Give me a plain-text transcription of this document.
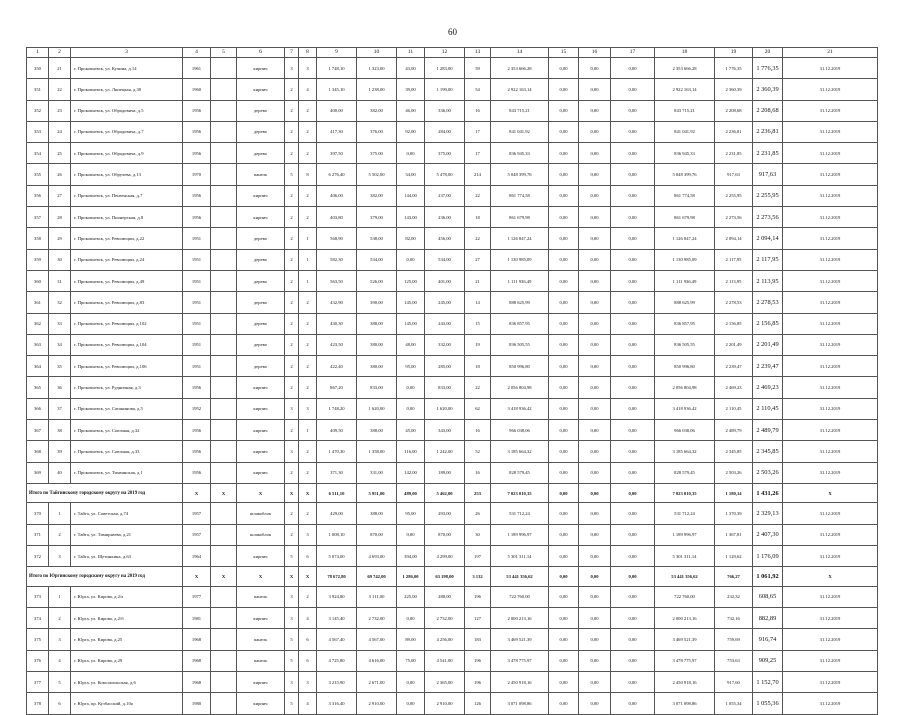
60
1	2	3	4	5	6	7	8	9	10	11	12	13	14	15	16	17	18	19	20	21
350	21	г. Прокопьевск, ул. Кучина, д.14	1961		кирпич	3	3	1 748,10	1 323,00	43,00	1 283,00	59	2 353 666,28	0,00	0,00	0,00	2 353 666,28	1 776,35	1 776,35	31.12.2019
351	22	г. Прокопьевск, ул. Липецкая, д.30	1960		кирпич	2	4	1 345,10	1 238,00	39,00	1 199,00	54	2 922 163,14	0,00	0,00	0,00	2 922 163,14	2 360,39	2 360,39	31.12.2019
352	23	г. Прокопьевск, ул. Обрадовича, д.5	1956		дерево	2	2	400,00	382,00	46,00	336,00	16	843 715,21	0,00	0,00	0,00	843 715,21	2 208,68	2 208,68	31.12.2019
353	24	г. Прокопьевск, ул. Обрадовича, д.7	1956		дерево	2	2	417,30	376,00	92,00	284,00	17	841 041,92	0,00	0,00	0,00	841 041,92	2 236,81	2 236,81	31.12.2019
354	25	г. Прокопьевск, ул. Обрадовича, д.9	1956		дерево	2	2	397,50	375,00	0,00	375,00	17	836 945,33	0,00	0,00	0,00	836 945,33	2 231,85	2 231,85	31.12.2019
355	26	г. Прокопьевск, ул. Обручева, д.13	1970		панель	5	8	6 276,40	5 502,00	34,00	5 478,00	214	5 048 399,76	0,00	0,00	0,00	5 048 399,76	917,63	917,63	31.12.2019
356	27	г. Прокопьевск, ул. Пензенская, д.7	1956		кирпич	2	2	406,00	382,00	144,00	237,00	22	861 774,58	0,00	0,00	0,00	861 774,58	2 255,95	2 255,95	31.12.2019
357	28	г. Прокопьевск, ул. Пионерская, д.8	1956		кирпич	2	2	403,80	379,00	143,00	236,00	18	861 679,98	0,00	0,00	0,00	861 679,98	2 273,56	2 273,56	31.12.2019
358	29	г. Прокопьевск, ул. Революции, д.22	1951		дерево	2	1	568,90	538,00	82,00	456,00	22	1 126 847,24	0,00	0,00	0,00	1 126 847,24	2 094,14	2 094,14	31.12.2019
359	30	г. Прокопьевск, ул. Революции, д.24	1951		дерево	2	1	582,30	534,00	0,00	534,00	27	1 130 985,09	0,00	0,00	0,00	1 130 985,09	2 117,95	2 117,95	31.12.2019
360	31	г. Прокопьевск, ул. Революции, д.49	1951		дерево	2	1	563,50	526,00	125,00	401,00	21	1 111 936,49	0,00	0,00	0,00	1 111 936,49	2 113,95	2 113,95	31.12.2019
361	32	г. Прокопьевск, ул. Революции, д.83	1951		дерево	2	2	432,90	390,00	145,00	245,00	14	888 625,99	0,00	0,00	0,00	888 625,99	2 278,53	2 278,53	31.12.2019
362	33	г. Прокопьевск, ул. Революции, д.102	1951		дерево	2	2	430,30	388,00	145,00	243,00	15	836 857,95	0,00	0,00	0,00	836 857,95	2 156,85	2 156,85	31.12.2019
363	34	г. Прокопьевск, ул. Революции, д.104	1951		дерево	2	2	423,50	380,00	48,00	332,00	19	836 505,55	0,00	0,00	0,00	836 505,55	2 201,49	2 201,49	31.12.2019
364	35	г. Прокопьевск, ул. Революции, д.106	1951		дерево	2	2	422,40	380,00	95,00	285,00	18	850 996,80	0,00	0,00	0,00	850 996,80	2 239,47	2 239,47	31.12.2019
365	36	г. Прокопьевск, ул. Рудничная, д.3	1956		кирпич	2	2	867,20	833,00	0,00	833,00	22	2 056 804,98	0,00	0,00	0,00	2 056 804,98	2 469,23	2 469,23	31.12.2019
366	37	г. Прокопьевск, ул. Сатанинова, д.5	1952		кирпич	3	3	1 748,20	1 620,00	0,00	1 620,00	62	3 418 936,42	0,00	0,00	0,00	3 418 936,42	2 110,45	2 110,45	31.12.2019
367	38	г. Прокопьевск, ул. Союзная, д.32	1956		кирпич	2	1	409,50	388,00	45,00	343,00	16	966 038,06	0,00	0,00	0,00	966 038,06	2 489,79	2 489,79	31.12.2019
368	39	г. Прокопьевск, ул. Союзная, д.33	1956		кирпич	3	2	1 470,30	1 358,00	116,00	1 242,00	52	3 185 664,32	0,00	0,00	0,00	3 185 664,32	2 345,85	2 345,85	31.12.2019
369	40	г. Прокопьевск, ул. Тихвинская, д.1	1956		кирпич	2	2	371,30	331,00	142,00	189,00	16	828 579,45	0,00	0,00	0,00	828 579,45	2 503,26	2 503,26	31.12.2019
Итого по Тайгинскому городскому округу на 2019 год			X	X	X	X	X	6 511,10	5 951,00	489,00	5 462,00	253	7 023 010,35	0,00	0,00	0,00	7 023 010,35	1 180,14	1 431,26	X
370	1	г. Тайга, ул. Советская, д.74	1957		шлакоблок	2	2	429,00	388,00	95,00	293,00	26	531 712,24	0,00	0,00	0,00	531 712,24	1 370,39	2 329,13	31.12.2019
371	2	г. Тайга, ул. Тимирязева, д.21	1957		шлакоблок	2	3	1 008,10	870,00	0,00	870,00	30	1 189 996,97	0,00	0,00	0,00	1 189 996,97	1 367,81	2 407,30	31.12.2019
372	3	г. Тайга, ул. Щетинкина, д.63	1964		кирпич	5	6	5 074,00	4 693,00	394,00	4 299,00	197	5 301 311,14	0,00	0,00	0,00	5 301 311,14	1 129,62	1 176,09	31.12.2019
Итого по Юргинскому городскому округу на 2019 год			X	X	X	X	X	78 672,80	69 742,00	1 286,00	63 198,00	3 132	53 441 356,62	0,00	0,00	0,00	53 441 356,62	766,27	1 061,92	X
373	1	г. Юрга, ул. Кирова, д.2/а	1977		панель	3	2	3 924,80	3 111,00	225,00	288,00	196	722 760,00	0,00	0,00	0,00	722 760,00	232,32	608,65	31.12.2019
374	2	г. Юрга, ул. Кирова, д.2/б	1981		кирпич	3	4	3 145,40	2 732,00	0,00	2 732,00	127	2 000 213,16	0,00	0,00	0,00	2 000 213,16	732,16	882,89	31.12.2019
375	3	г. Юрга, ул. Кирова, д.25	1968		панель	5	6	4 567,40	4 567,00	89,00	4 256,00	183	3 469 521,39	0,00	0,00	0,00	3 469 521,39	759,69	916,74	31.12.2019
376	4	г. Юрга, ул. Кирова, д.29	1968		панель	5	6	4 725,80	4 616,00	75,00	4 541,00	196	3 478 775,97	0,00	0,00	0,00	3 478 775,97	753,63	909,25	31.12.2019
377	5	г. Юрга, ул. Комсомольская, д.6	1968		кирпич	3	3	3 215,90	2 671,00	0,00	2 365,00	196	2 450 918,16	0,00	0,00	0,00	2 450 918,16	917,60	1 152,70	31.12.2019
378	6	г. Юрга, пр. Кузбасский, д.10а	1980		кирпич	5	4	3 316,40	2 910,00	0,00	2 910,00	126	3 071 098,86	0,00	0,00	0,00	3 071 098,86	1 055,34	1 055,36	31.12.2019
